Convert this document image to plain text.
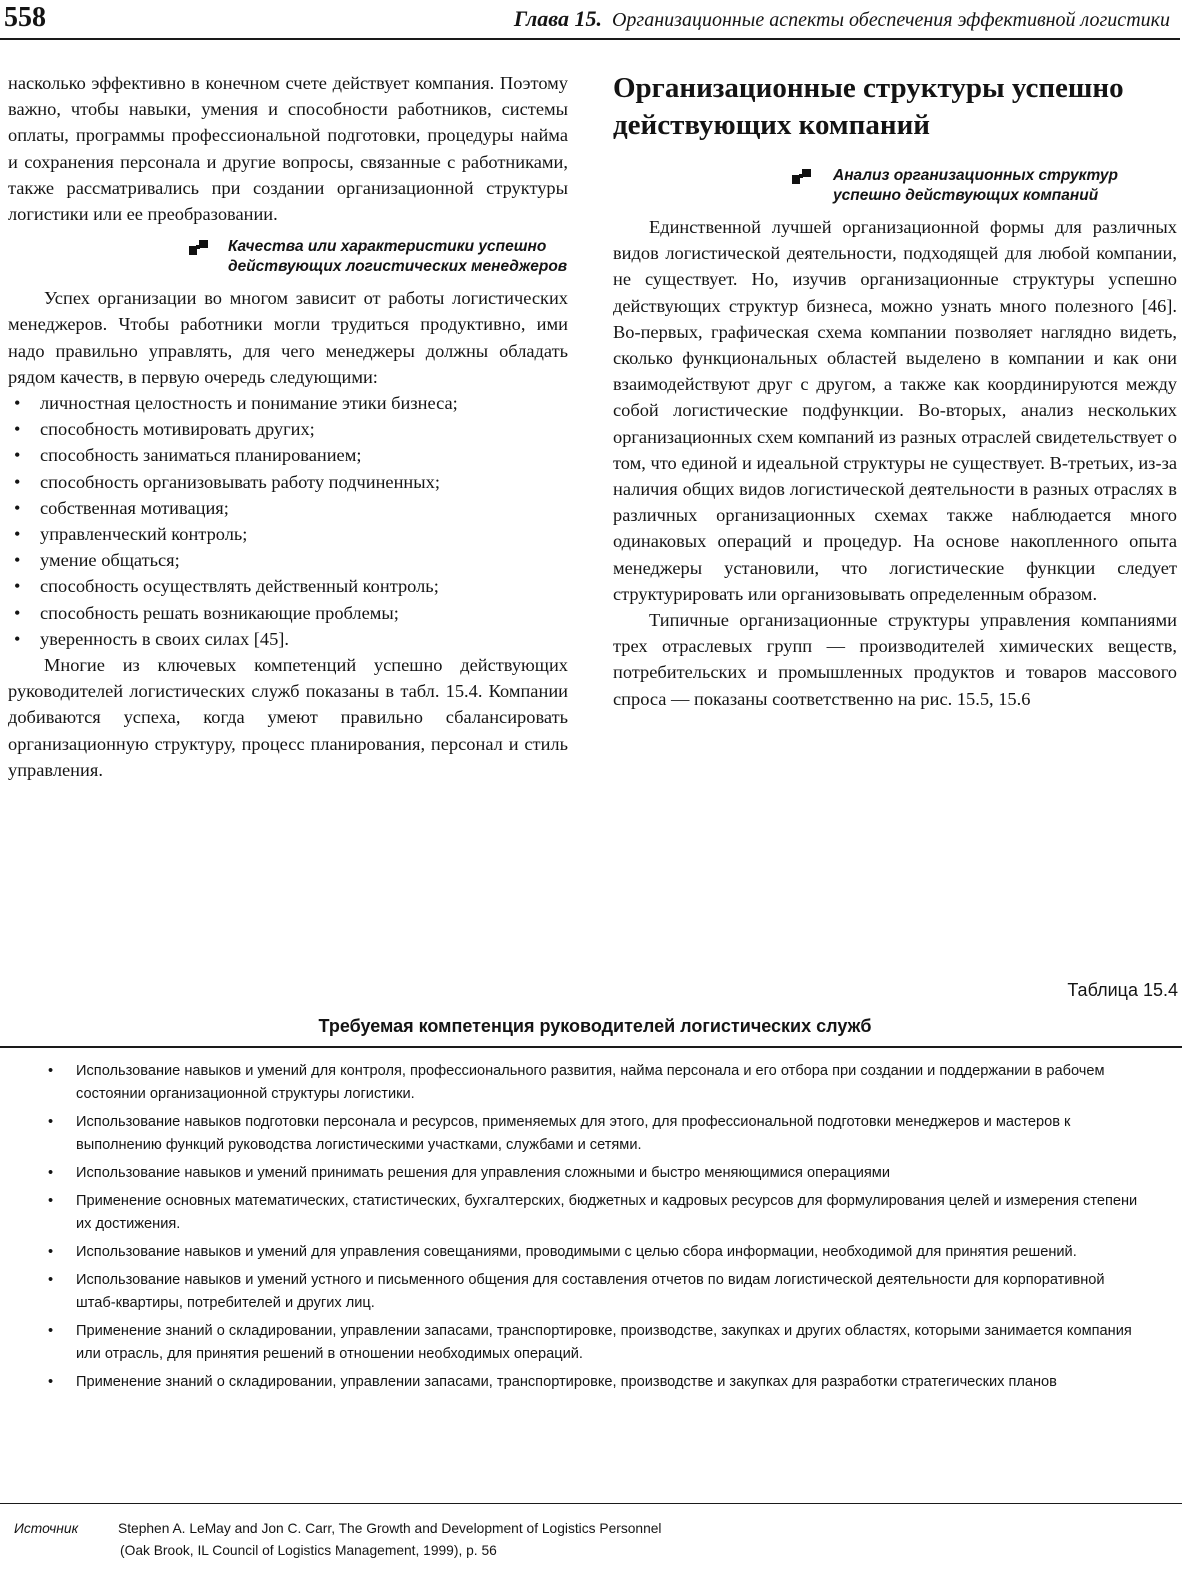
558	Глава 15. Организационные аспекты обеспечения эффективной логистики

насколько эффективно в конечном счете действует компания. Поэтому важно, чтобы навыки, умения и способности работников, системы оплаты, программы профессиональной подготовки, процедуры найма и сохранения персонала и другие вопросы, связанные с работниками, также рассматривались при создании организационной структуры логистики или ее преобразовании.

Качества или характеристики успешно действующих логистических менеджеров

Успех организации во многом зависит от работы логистических менеджеров. Чтобы работники могли трудиться продуктивно, ими надо правильно управлять, для чего менеджеры должны обладать рядом качеств, в первую очередь следующими:

• личностная целостность и понимание этики бизнеса;
• способность мотивировать других;
• способность заниматься планированием;
• способность организовывать работу подчиненных;
• собственная мотивация;
• управленческий контроль;
• умение общаться;
• способность осуществлять действенный контроль;
• способность решать возникающие проблемы;
• уверенность в своих силах [45].

Многие из ключевых компетенций успешно действующих руководителей логистических служб показаны в табл. 15.4. Компании добиваются успеха, когда умеют правильно сбалансировать организационную структуру, процесс планирования, персонал и стиль управления.

Организационные структуры успешно действующих компаний
Анализ организационных структур успешно действующих компаний

Единственной лучшей организационной формы для различных видов логистической деятельности, подходящей для любой компании, не существует. Но, изучив организационные структуры успешно действующих структур бизнеса, можно узнать много полезного [46]. Во-первых, графическая схема компании позволяет наглядно видеть, сколько функциональных областей выделено в компании и как они взаимодействуют друг с другом, а также как координируются между собой логистические подфункции. Во-вторых, анализ нескольких организационных схем компаний из разных отраслей свидетельствует о том, что единой и идеальной структуры не существует. В-третьих, из-за наличия общих видов логистической деятельности в разных отраслях в различных организационных схемах также наблюдается много одинаковых операций и процедур. На основе накопленного опыта менеджеры установили, что логистические функции следует структурировать или организовывать определенным образом.

Типичные организационные структуры управления компаниями трех отраслевых групп — производителей химических веществ, потребительских и промышленных продуктов и товаров массового спроса — показаны соответственно на рис. 15.5, 15.6

Таблица 15.4
Требуемая компетенция руководителей логистических служб
• Использование навыков и умений для контроля, профессионального развития, найма персонала и его отбора при создании и поддержании в рабочем состоянии организационной структуры логистики.
• Использование навыков подготовки персонала и ресурсов, применяемых для этого, для профессиональной подготовки менеджеров и мастеров к выполнению функций руководства логистическими участками, службами и сетями.
• Использование навыков и умений принимать решения для управления сложными и быстро меняющимися операциями
• Применение основных математических, статистических, бухгалтерских, бюджетных и кадровых ресурсов для формулирования целей и измерения степени их достижения.
• Использование навыков и умений для управления совещаниями, проводимыми с целью сбора информации, необходимой для принятия решений.
• Использование навыков и умений устного и письменного общения для составления отчетов по видам логистической деятельности для корпоративной штаб-квартиры, потребителей и других лиц.
• Применение знаний о складировании, управлении запасами, транспортировке, производстве, закупках и других областях, которыми занимается компания или отрасль, для принятия решений в отношении необходимых операций.
• Применение знаний о складировании, управлении запасами, транспортировке, производстве и закупках для разработки стратегических планов
Источник	Stephen A. LeMay and Jon C. Carr, The Growth and Development of Logistics Personnel
(Oak Brook, IL Council of Logistics Management, 1999), p. 56
